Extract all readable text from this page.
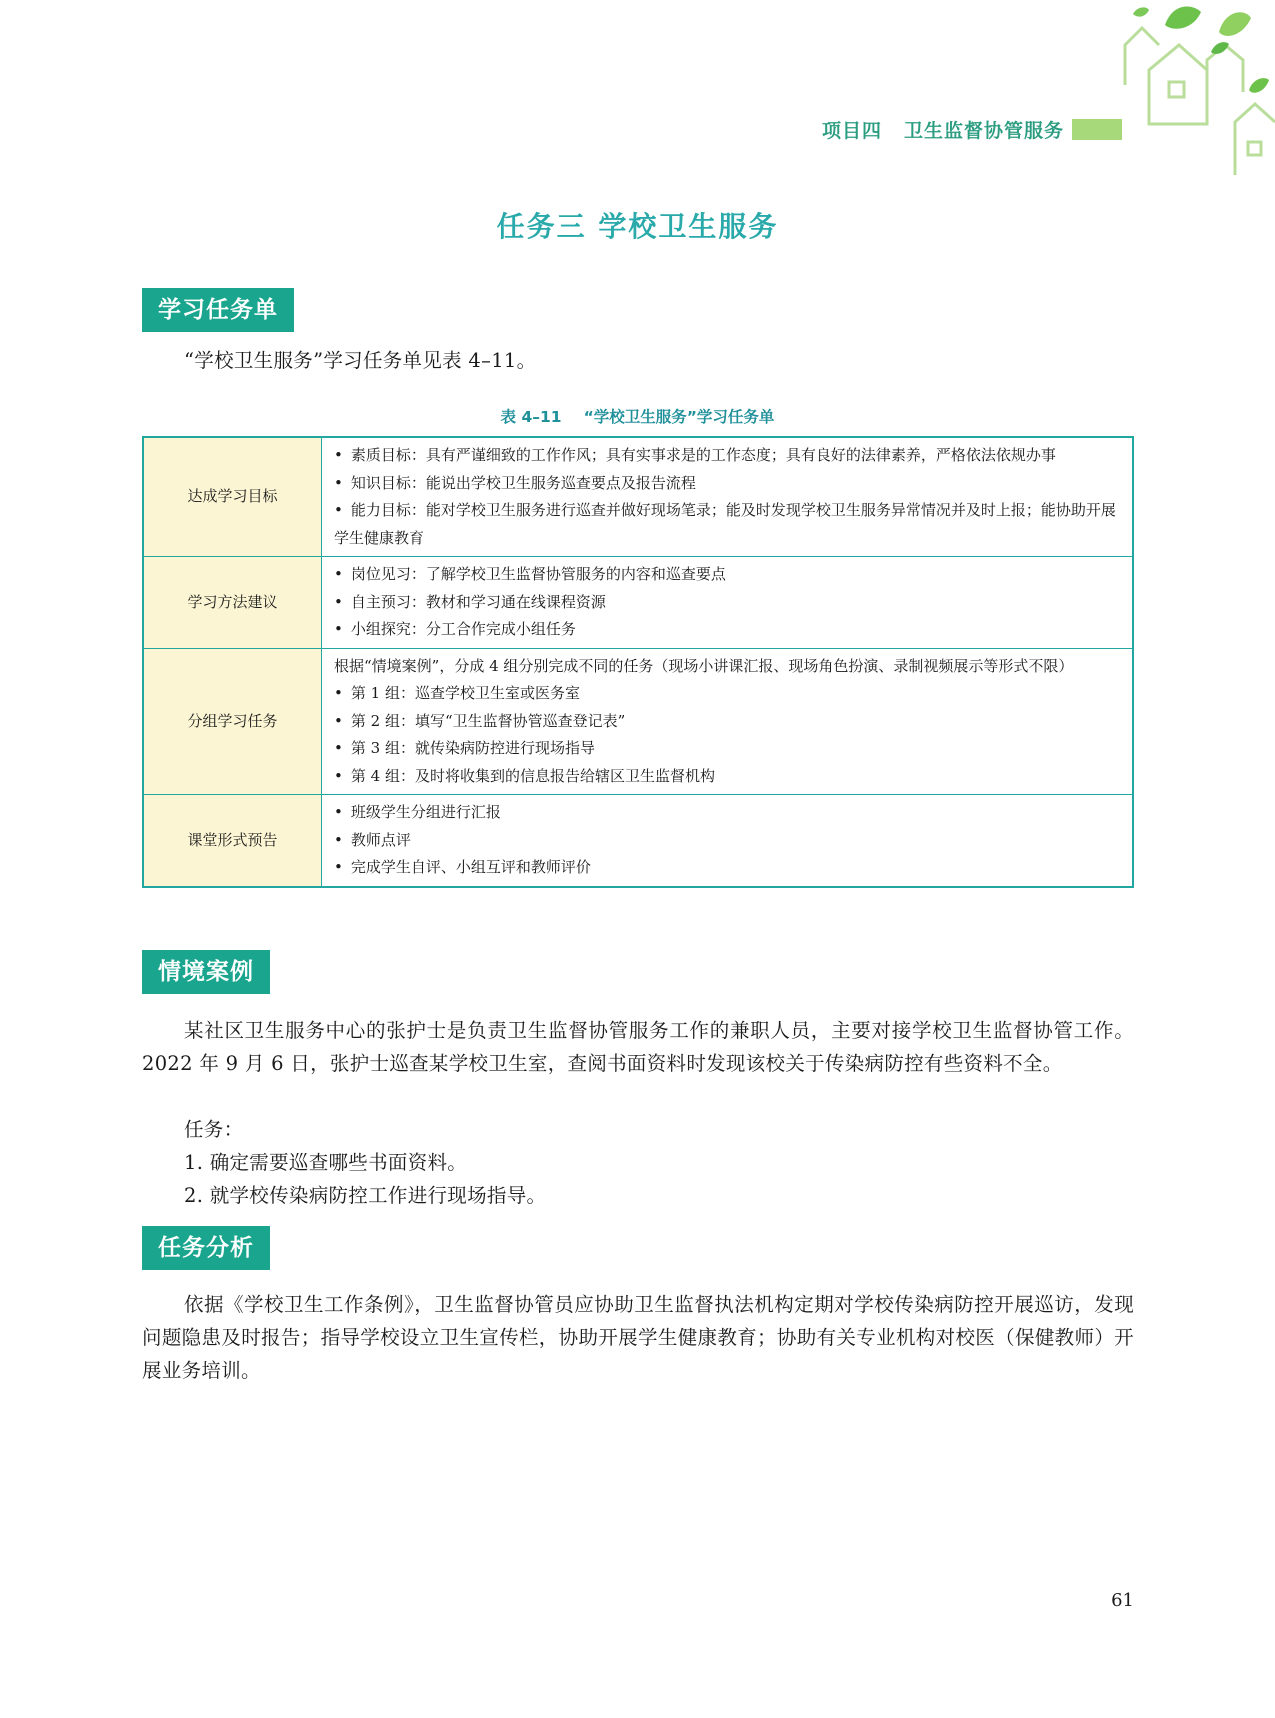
项目四 卫生监督协管服务
任务三 学校卫生服务
学习任务单

“学校卫生服务”学习任务单见表 4–11。

表 4–11 “学校卫生服务”学习任务单
达成学习目标	• 素质目标：具有严谨细致的工作作风；具有实事求是的工作态度；具有良好的法律素养，严格依法依规办事
• 知识目标：能说出学校卫生服务巡查要点及报告流程
• 能力目标：能对学校卫生服务进行巡查并做好现场笔录；能及时发现学校卫生服务异常情况并及时上报；能协助开展学生健康教育

学习方法建议	• 岗位见习：了解学校卫生监督协管服务的内容和巡查要点
• 自主预习：教材和学习通在线课程资源
• 小组探究：分工合作完成小组任务

分组学习任务	根据“情境案例”，分成 4 组分别完成不同的任务（现场小讲课汇报、现场角色扮演、录制视频展示等形式不限）
• 第 1 组：巡查学校卫生室或医务室
• 第 2 组：填写“卫生监督协管巡查登记表”
• 第 3 组：就传染病防控进行现场指导
• 第 4 组：及时将收集到的信息报告给辖区卫生监督机构

课堂形式预告	• 班级学生分组进行汇报
• 教师点评
• 完成学生自评、小组互评和教师评价
情境案例

某社区卫生服务中心的张护士是负责卫生监督协管服务工作的兼职人员，主要对接学校卫生监督协管工作。2022 年 9 月 6 日，张护士巡查某学校卫生室，查阅书面资料时发现该校关于传染病防控有些资料不全。

任务：

1. 确定需要巡查哪些书面资料。

2. 就学校传染病防控工作进行现场指导。

任务分析

依据《学校卫生工作条例》，卫生监督协管员应协助卫生监督执法机构定期对学校传染病防控开展巡访，发现问题隐患及时报告；指导学校设立卫生宣传栏，协助开展学生健康教育；协助有关专业机构对校医（保健教师）开展业务培训。

61
